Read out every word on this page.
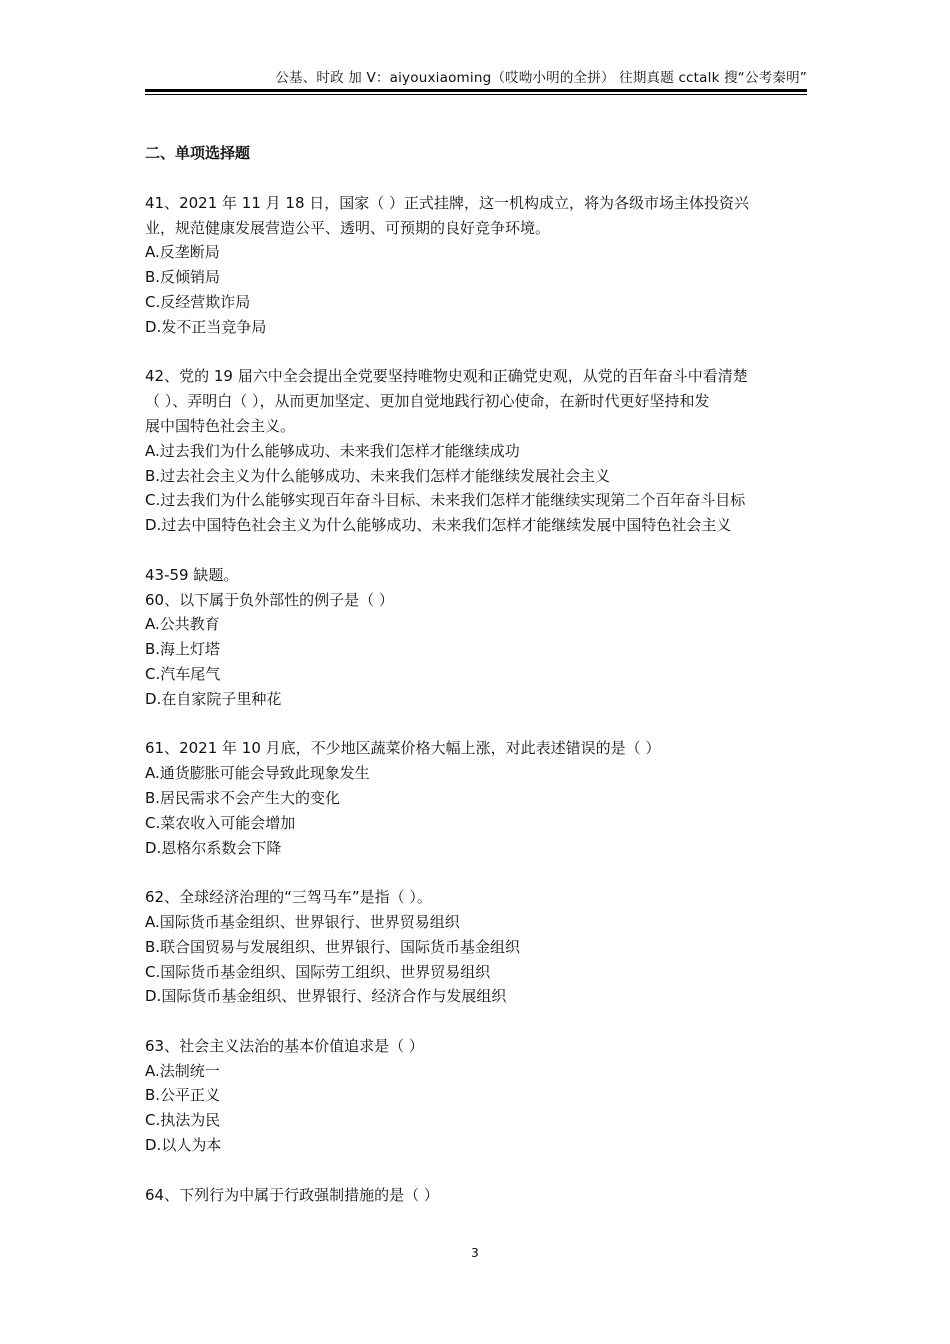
公基、时政 加 V：aiyouxiaoming（哎呦小明的全拼） 往期真题 cctalk 搜“公考秦明”
二、单项选择题
41、2021 年 11 月 18 日，国家（ ）正式挂牌，这一机构成立，将为各级市场主体投资兴
业，规范健康发展营造公平、透明、可预期的良好竞争环境。
A.反垄断局
B.反倾销局
C.反经营欺诈局
D.发不正当竞争局
42、党的 19 届六中全会提出全党要坚持唯物史观和正确党史观，从党的百年奋斗中看清楚
（ ）、弄明白（ ），从而更加坚定、更加自觉地践行初心使命，在新时代更好坚持和发
展中国特色社会主义。
A.过去我们为什么能够成功、未来我们怎样才能继续成功
B.过去社会主义为什么能够成功、未来我们怎样才能继续发展社会主义
C.过去我们为什么能够实现百年奋斗目标、未来我们怎样才能继续实现第二个百年奋斗目标
D.过去中国特色社会主义为什么能够成功、未来我们怎样才能继续发展中国特色社会主义
43-59 缺题。
60、以下属于负外部性的例子是（ ）
A.公共教育
B.海上灯塔
C.汽车尾气
D.在自家院子里种花
61、2021 年 10 月底，不少地区蔬菜价格大幅上涨，对此表述错误的是（ ）
A.通货膨胀可能会导致此现象发生
B.居民需求不会产生大的变化
C.菜农收入可能会增加
D.恩格尔系数会下降
62、全球经济治理的“三驾马车”是指（ ）。
A.国际货币基金组织、世界银行、世界贸易组织
B.联合国贸易与发展组织、世界银行、国际货币基金组织
C.国际货币基金组织、国际劳工组织、世界贸易组织
D.国际货币基金组织、世界银行、经济合作与发展组织
63、社会主义法治的基本价值追求是（ ）
A.法制统一
B.公平正义
C.执法为民
D.以人为本
64、下列行为中属于行政强制措施的是（ ）
3
